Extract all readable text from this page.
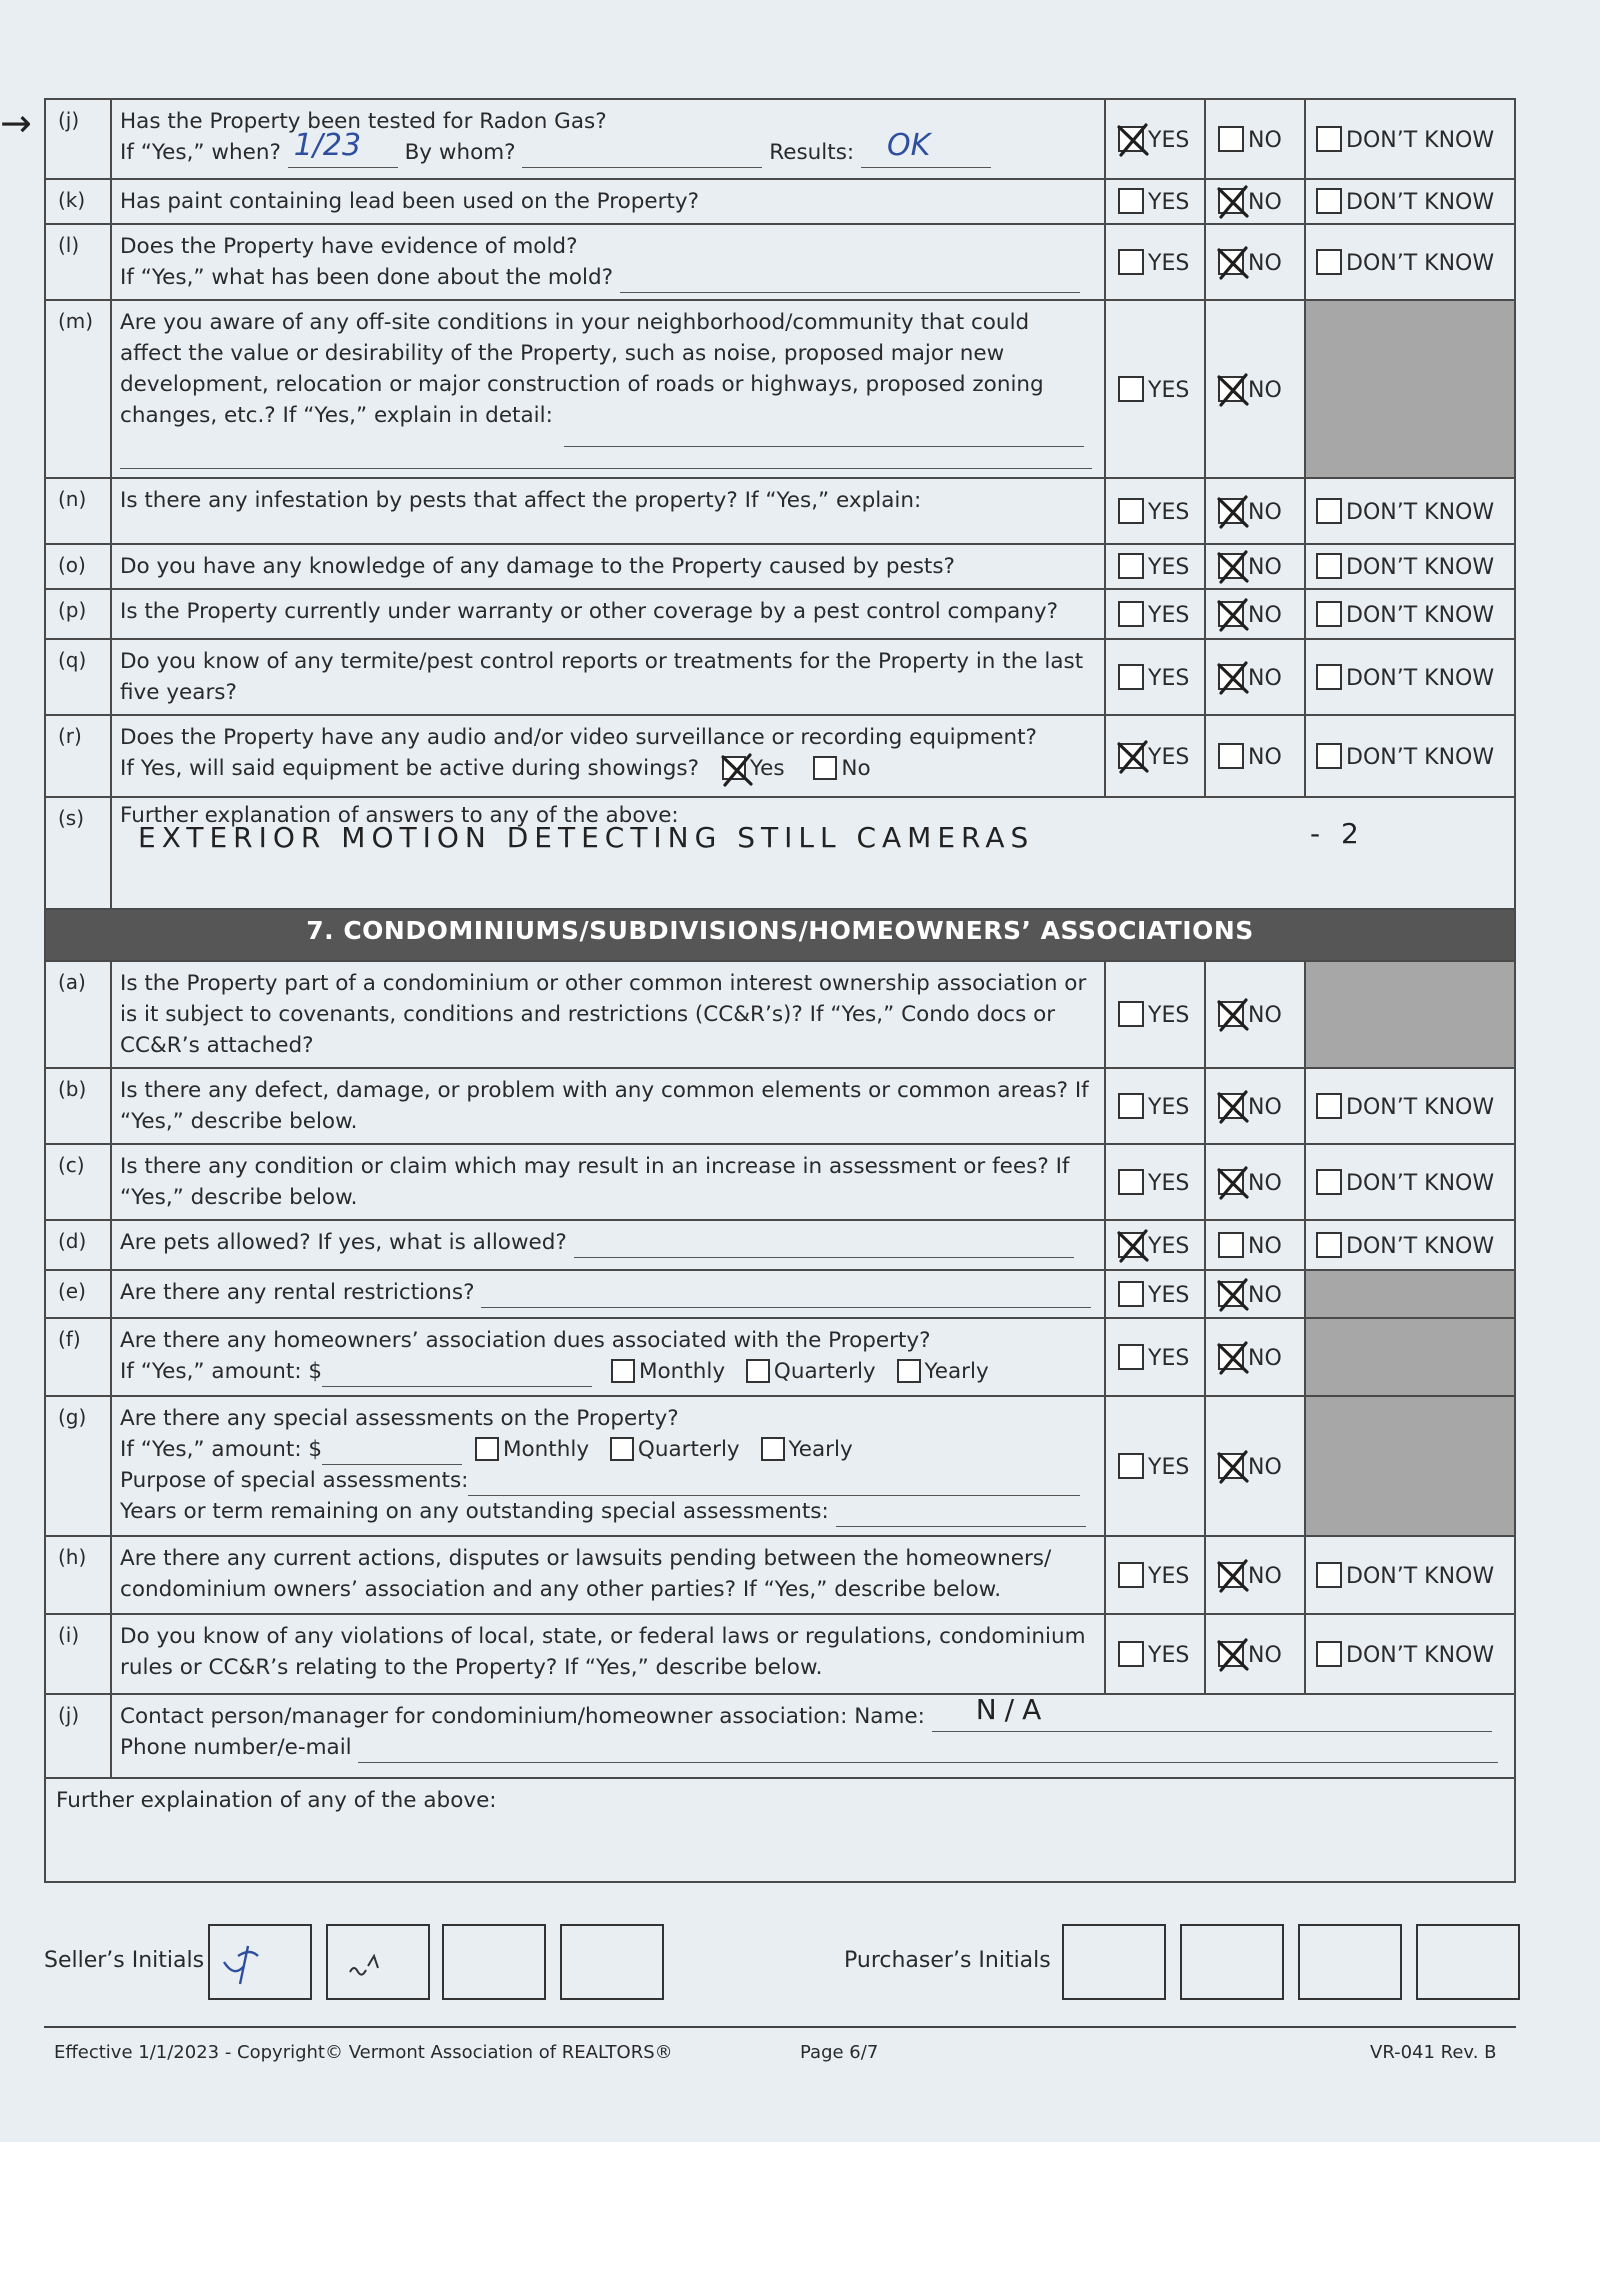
→ (j)	Has the Property been tested for Radon Gas?
If “Yes,” when? 1/23 By whom? Results: OK	YES	NO	DON’T KNOW
(k)	Has paint containing lead been used on the Property?	YES	NO	DON’T KNOW
(l)	Does the Property have evidence of mold?
If “Yes,” what has been done about the mold?	YES	NO	DON’T KNOW
(m)	Are you aware of any off-site conditions in your neighborhood/community that could affect the value or desirability of the Property, such as noise, proposed major new development, relocation or major construction of roads or highways, proposed zoning changes, etc.? If “Yes,” explain in detail:	YES	NO	
(n)	Is there any infestation by pests that affect the property? If “Yes,” explain:	YES	NO	DON’T KNOW
(o)	Do you have any knowledge of any damage to the Property caused by pests?	YES	NO	DON’T KNOW
(p)	Is the Property currently under warranty or other coverage by a pest control company?	YES	NO	DON’T KNOW
(q)	Do you know of any termite/pest control reports or treatments for the Property in the last five years?	YES	NO	DON’T KNOW
(r)	Does the Property have any audio and/or video surveillance or recording equipment?
If Yes, will said equipment be active during showings? Yes No	YES	NO	DON’T KNOW
(s)	Further explanation of answers to any of the above:
EXTERIOR MOTION DETECTING STILL CAMERAS - 2			

7. CONDOMINIUMS/SUBDIVISIONS/HOMEOWNERS’ ASSOCIATIONS				
(a)	Is the Property part of a condominium or other common interest ownership association or is it subject to covenants, conditions and restrictions (CC&R’s)? If “Yes,” Condo docs or CC&R’s attached?	YES	NO	
(b)	Is there any defect, damage, or problem with any common elements or common areas? If “Yes,” describe below.	YES	NO	DON’T KNOW
(c)	Is there any condition or claim which may result in an increase in assessment or fees? If “Yes,” describe below.	YES	NO	DON’T KNOW
(d)	Are pets allowed? If yes, what is allowed?	YES	NO	DON’T KNOW
(e)	Are there any rental restrictions?	YES	NO	
(f)	Are there any homeowners’ association dues associated with the Property?
If “Yes,” amount: $ Monthly Quarterly Yearly	YES	NO	
(g)	Are there any special assessments on the Property?
If “Yes,” amount: $ Monthly Quarterly Yearly
Purpose of special assessments:
Years or term remaining on any outstanding special assessments:	YES	NO	
(h)	Are there any current actions, disputes or lawsuits pending between the homeowners/ condominium owners’ association and any other parties? If “Yes,” describe below.	YES	NO	DON’T KNOW
(i)	Do you know of any violations of local, state, or federal laws or regulations, condominium rules or CC&R’s relating to the Property? If “Yes,” describe below.	YES	NO	DON’T KNOW
(j)	Contact person/manager for condominium/homeowner association: Name: N/A
Phone number/e-mail			

Further explaination of any of the above:				
Seller’s Initials	Purchaser’s Initials
Effective 1/1/2023 - Copyright© Vermont Association of REALTORS®	Page 6/7	VR-041 Rev. B
